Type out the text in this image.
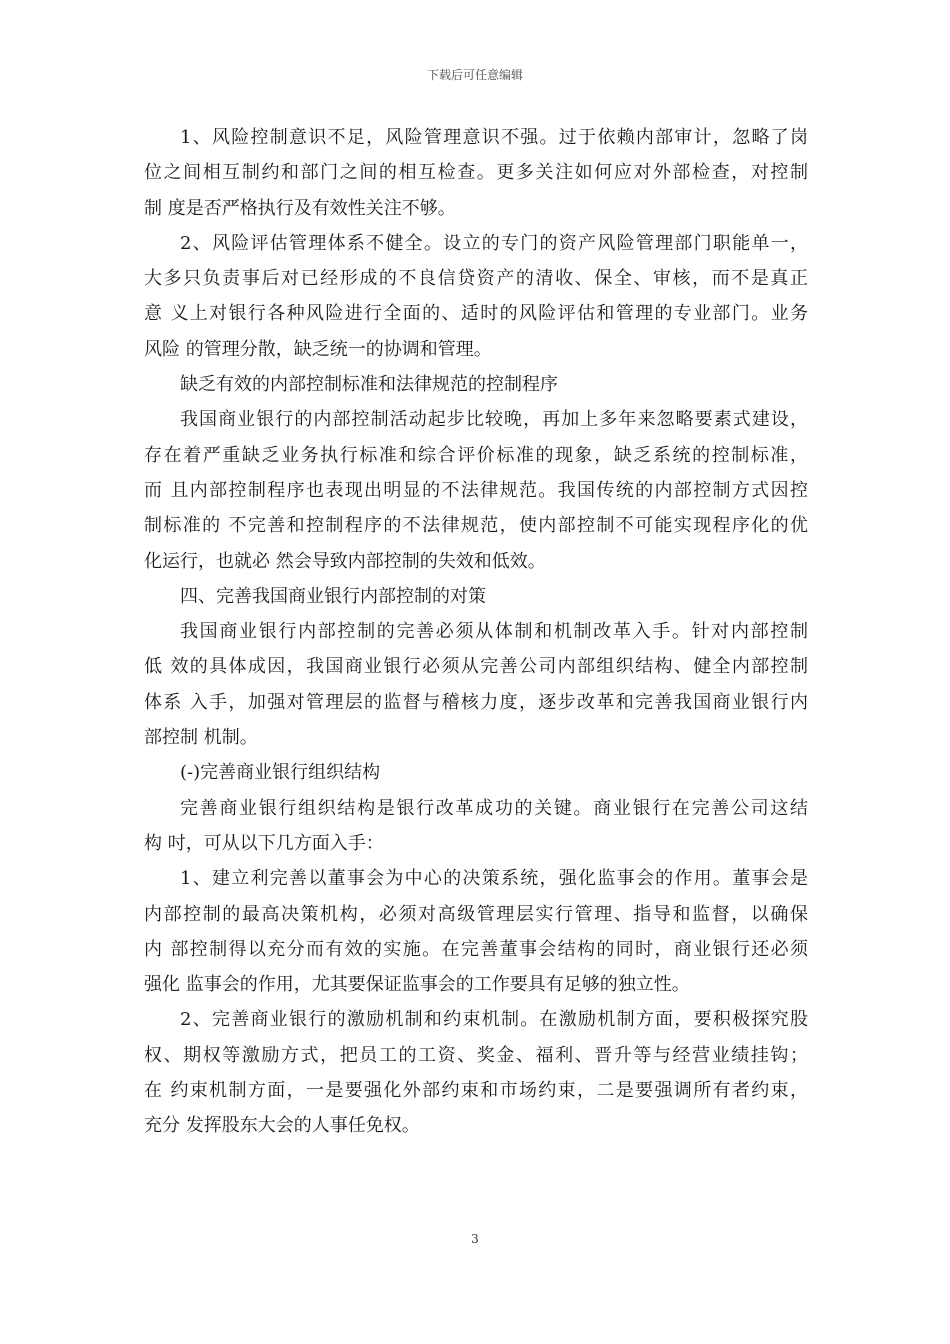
下载后可任意编辑
1、风险控制意识不足，风险管理意识不强。过于依赖内部审计，忽略了岗
位之间相互制约和部门之间的相互检查。更多关注如何应对外部检查，对控制
制 度是否严格执行及有效性关注不够。
2、风险评估管理体系不健全。设立的专门的资产风险管理部门职能单一，
大多只负责事后对已经形成的不良信贷资产的清收、保全、审核，而不是真正
意 义上对银行各种风险进行全面的、适时的风险评估和管理的专业部门。业务
风险 的管理分散，缺乏统一的协调和管理。
缺乏有效的内部控制标准和法律规范的控制程序
我国商业银行的内部控制活动起步比较晚，再加上多年来忽略要素式建设，
存在着严重缺乏业务执行标准和综合评价标准的现象，缺乏系统的控制标准，
而 且内部控制程序也表现出明显的不法律规范。我国传统的内部控制方式因控
制标准的 不完善和控制程序的不法律规范，使内部控制不可能实现程序化的优
化运行，也就必 然会导致内部控制的失效和低效。
四、完善我国商业银行内部控制的对策
我国商业银行内部控制的完善必须从体制和机制改革入手。针对内部控制
低 效的具体成因，我国商业银行必须从完善公司内部组织结构、健全内部控制
体系 入手，加强对管理层的监督与稽核力度，逐步改革和完善我国商业银行内
部控制 机制。
(-)完善商业银行组织结构
完善商业银行组织结构是银行改革成功的关键。商业银行在完善公司这结
构 吋，可从以下几方面入手：
1、建立利完善以董事会为中心的决策系统，强化监事会的作用。董事会是
内部控制的最高决策机构，必须对高级管理层实行管理、指导和监督，以确保
内 部控制得以充分而有效的实施。在完善董事会结构的同时，商业银行还必须
强化 监事会的作用，尤其要保证监事会的工作要具有足够的独立性。
2、完善商业银行的激励机制和约束机制。在激励机制方面，要积极探究股
权、期权等激励方式，把员工的工资、奖金、福利、晋升等与经营业绩挂钩；
在 约束机制方面，一是要强化外部约束和市场约束，二是要强调所有者约束，
充分 发挥股东大会的人事任免权。
3
